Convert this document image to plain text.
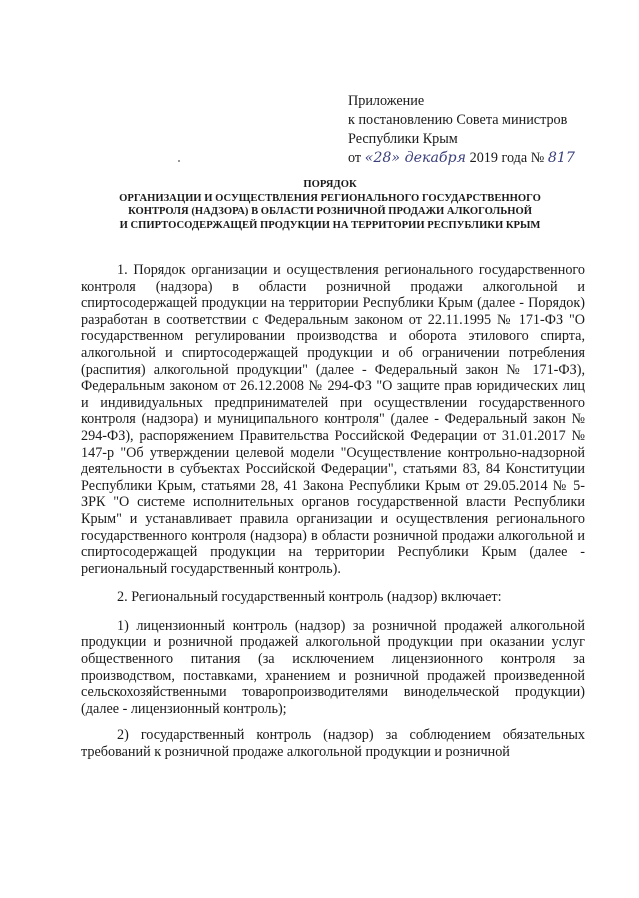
Приложение
к постановлению Совета министров
Республики Крым
от «28» декабря 2019 года № 817
ПОРЯДОК
ОРГАНИЗАЦИИ И ОСУЩЕСТВЛЕНИЯ РЕГИОНАЛЬНОГО ГОСУДАРСТВЕННОГО
КОНТРОЛЯ (НАДЗОРА) В ОБЛАСТИ РОЗНИЧНОЙ ПРОДАЖИ АЛКОГОЛЬНОЙ
И СПИРТОСОДЕРЖАЩЕЙ ПРОДУКЦИИ НА ТЕРРИТОРИИ РЕСПУБЛИКИ КРЫМ

1. Порядок организации и осуществления регионального государственного контроля (надзора) в области розничной продажи алкогольной и спиртосодержащей продукции на территории Республики Крым (далее - Порядок) разработан в соответствии с Федеральным законом от 22.11.1995 № 171-ФЗ "О государственном регулировании производства и оборота этилового спирта, алкогольной и спиртосодержащей продукции и об ограничении потребления (распития) алкогольной продукции" (далее - Федеральный закон № 171-ФЗ), Федеральным законом от 26.12.2008 № 294-ФЗ "О защите прав юридических лиц и индивидуальных предпринимателей при осуществлении государственного контроля (надзора) и муниципального контроля" (далее - Федеральный закон № 294-ФЗ), распоряжением Правительства Российской Федерации от 31.01.2017 № 147-р "Об утверждении целевой модели "Осуществление контрольно-надзорной деятельности в субъектах Российской Федерации", статьями 83, 84 Конституции Республики Крым, статьями 28, 41 Закона Республики Крым от 29.05.2014 № 5-ЗРК "О системе исполнительных органов государственной власти Республики Крым" и устанавливает правила организации и осуществления регионального государственного контроля (надзора) в области розничной продажи алкогольной и спиртосодержащей продукции на территории Республики Крым (далее - региональный государственный контроль).

2. Региональный государственный контроль (надзор) включает:

1) лицензионный контроль (надзор) за розничной продажей алкогольной продукции и розничной продажей алкогольной продукции при оказании услуг общественного питания (за исключением лицензионного контроля за производством, поставками, хранением и розничной продажей произведенной сельскохозяйственными товаропроизводителями винодельческой продукции) (далее - лицензионный контроль);

2) государственный контроль (надзор) за соблюдением обязательных требований к розничной продаже алкогольной продукции и розничной
